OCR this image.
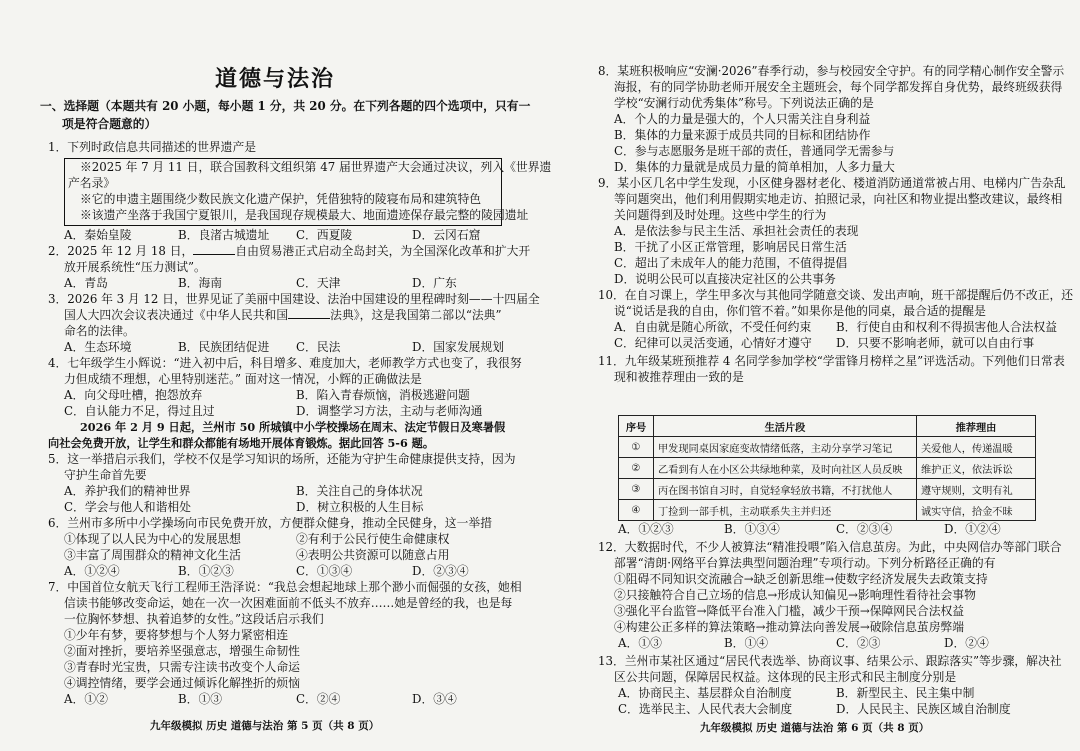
道德与法治
一、选择题（本题共有 20 小题，每小题 1 分，共 20 分。在下列各题的四个选项中，只有一
项是符合题意的）
1．下列时政信息共同描述的世界遗产是
※2025 年 7 月 11 日，联合国教科文组织第 47 届世界遗产大会通过决议，列入《世界遗
产名录》
※它的申遗主题围绕少数民族文化遗产保护，凭借独特的陵寝布局和建筑特色
※该遗产坐落于我国宁夏银川，是我国现存规模最大、地面遗迹保存最完整的陵园遗址
A．秦始皇陵	B．良渚古城遗址 C．西夏陵	D．云冈石窟
2．2025 年 12 月 18 日，	自由贸易港正式启动全岛封关，为全国深化改革和扩大开
放开展系统性“压力测试”。
A．青岛	B．海南	C．天津	D．广东
3．2026 年 3 月 12 日，世界见证了美丽中国建设、法治中国建设的里程碑时刻——十四届全
国人大四次会议表决通过《中华人民共和国	法典》，这是我国第二部以“法典”
命名的法律。
A．生态环境	B．民族团结促进 C．民法	D．国家发展规划
4．七年级学生小辉说：“进入初中后，科目增多、难度加大，老师教学方式也变了，我很努
力但成绩不理想，心里特别迷茫。” 面对这一情况，小辉的正确做法是
A．向父母吐槽，抱怨放弃	B．陷入青春烦恼，消极逃避问题
C．自认能力不足，得过且过	D．调整学习方法，主动与老师沟通
2026 年 2 月 9 日起，兰州市 50 所城镇中小学校操场在周末、法定节假日及寒暑假
向社会免费开放，让学生和群众都能有场地开展体育锻炼。据此回答 5-6 题。
5．这一举措启示我们，学校不仅是学习知识的场所，还能为守护生命健康提供支持，因为
守护生命首先要
A．养护我们的精神世界	B．关注自己的身体状况
C．学会与他人和谐相处	D．树立积极的人生目标
6．兰州市多所中小学操场向市民免费开放，方便群众健身，推动全民健身，这一举措
①体现了以人民为中心的发展思想	②有利于公民行使生命健康权
③丰富了周围群众的精神文化生活	④表明公共资源可以随意占用
A．①②④	B．①②③	C．①③④	D．②③④
7．中国首位女航天飞行工程师王浩泽说：“我总会想起地球上那个渺小而倔强的女孩，她相
信读书能够改变命运，她在一次一次困难面前不低头不放弃……她是曾经的我，也是每
一位胸怀梦想、执着追梦的女性。”这段话启示我们
①少年有梦，要将梦想与个人努力紧密相连
②面对挫折，要培养坚强意志，增强生命韧性
③青春时光宝贵，只需专注读书改变个人命运
④调控情绪，要学会通过倾诉化解挫折的烦恼
A．①②	B．①③	C．②④	D．③④
九年级模拟 历史 道德与法治 第 5 页（共 8 页）
8．某班积极响应“安澜·2026”春季行动，参与校园安全守护。有的同学精心制作安全警示
海报，有的同学协助老师开展安全主题班会，每个同学都发挥自身优势，最终班级获得
学校“安澜行动优秀集体”称号。下列说法正确的是
A．个人的力量是强大的，个人只需关注自身利益
B．集体的力量来源于成员共同的目标和团结协作
C．参与志愿服务是班干部的责任，普通同学无需参与
D．集体的力量就是成员力量的简单相加，人多力量大
9．某小区几名中学生发现，小区健身器材老化、楼道消防通道常被占用、电梯内广告杂乱
等问题突出，他们利用假期实地走访、拍照记录，向社区和物业提出整改建议，最终相
关问题得到及时处理。这些中学生的行为
A．是依法参与民主生活、承担社会责任的表现
B．干扰了小区正常管理，影响居民日常生活
C．超出了未成年人的能力范围，不值得提倡
D．说明公民可以直接决定社区的公共事务
10．在自习课上，学生甲多次与其他同学随意交谈、发出声响，班干部提醒后仍不改正，还
说“说话是我的自由，你们管不着。”如果你是他的同桌，最合适的提醒是
A．自由就是随心所欲，不受任何约束 B．行使自由和权利不得损害他人合法权益
C．纪律可以灵活变通，心情好才遵守 D．只要不影响老师，就可以自由行事
11．九年级某班预推荐 4 名同学参加学校“学雷锋月榜样之星”评选活动。下列他们日常表
现和被推荐理由一致的是
序号	生活片段	推荐理由
①	甲发现同桌因家庭变故情绪低落，主动分享学习笔记	关爱他人，传递温暖
②	乙看到有人在小区公共绿地种菜，及时向社区人员反映	维护正义，依法诉讼
③	丙在图书馆自习时，自觉轻拿轻放书籍，不打扰他人	遵守规则，文明有礼
④	丁捡到一部手机，主动联系失主并归还	诚实守信，拾金不昧
A．①②③	B．①③④	C．②③④	D．①②④
12．大数据时代，不少人被算法“精准投喂”陷入信息茧房。为此，中央网信办等部门联合
部署“清朗·网络平台算法典型问题治理”专项行动。下列分析路径正确的有
①阻碍不同知识交流融合→缺乏创新思维→使数字经济发展失去政策支持
②只接触符合自己立场的信息→形成认知偏见→影响理性看待社会事物
③强化平台监管→降低平台准入门槛，减少干预→保障网民合法权益
④构建公正多样的算法策略→推动算法向善发展→破除信息茧房弊端
A．①③	B．①④	C．②③	D．②④
13．兰州市某社区通过“居民代表选举、协商议事、结果公示、跟踪落实”等步骤，解决社
区公共问题，保障居民权益。这体现的民主形式和民主制度分别是
A．协商民主、基层群众自治制度	B．新型民主、民主集中制
C．选举民主、人民代表大会制度	D．人民民主、民族区域自治制度
九年级模拟 历史 道德与法治 第 6 页（共 8 页）
